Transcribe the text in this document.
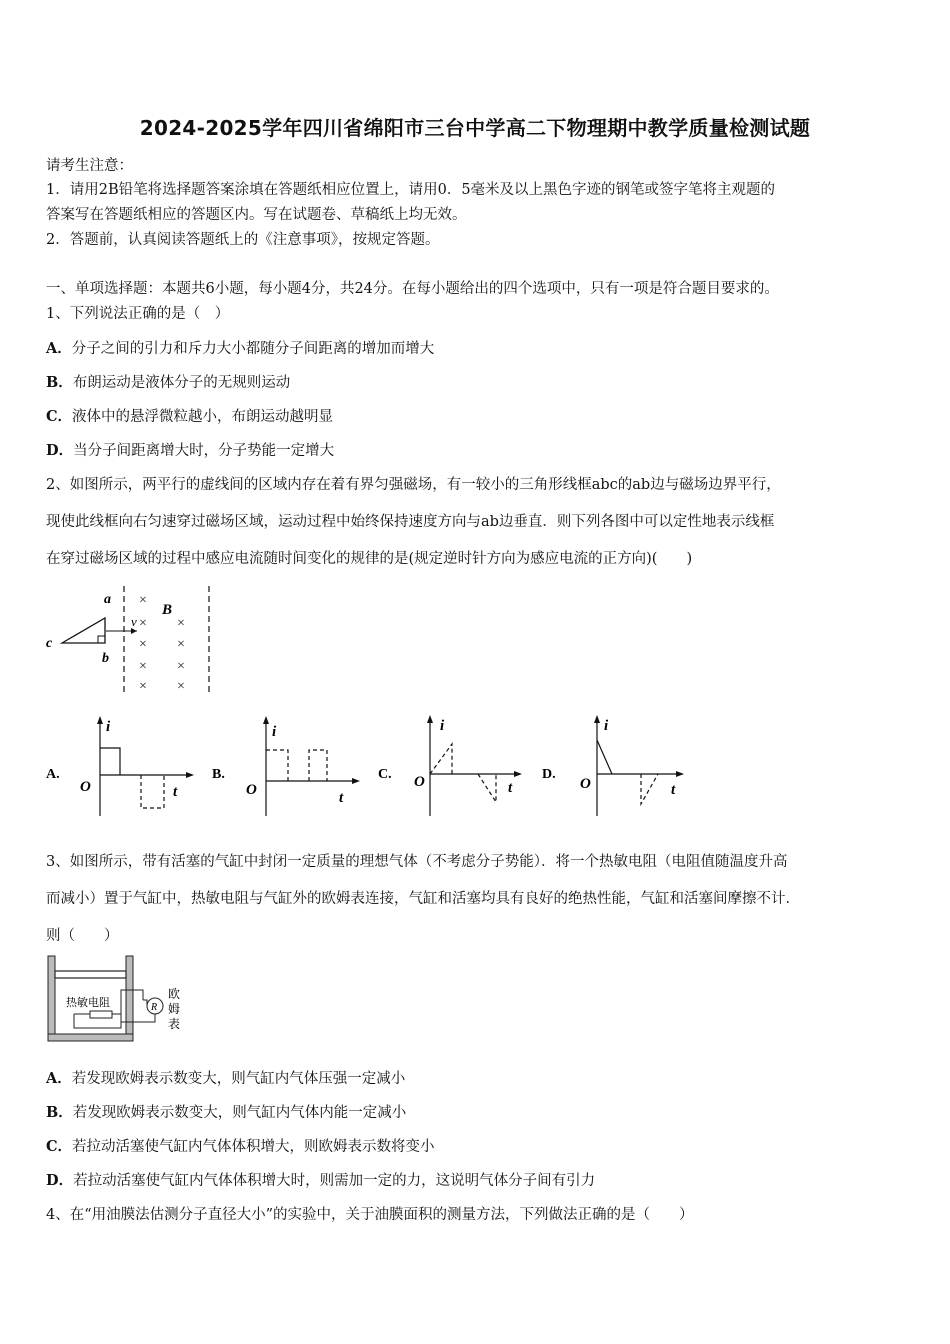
2024-2025学年四川省绵阳市三台中学高二下物理期中教学质量检测试题
请考生注意：
1．请用2B铅笔将选择题答案涂填在答题纸相应位置上，请用0．5毫米及以上黑色字迹的钢笔或签字笔将主观题的
答案写在答题纸相应的答题区内。写在试题卷、草稿纸上均无效。
2．答题前，认真阅读答题纸上的《注意事项》，按规定答题。
一、单项选择题：本题共6小题，每小题4分，共24分。在每小题给出的四个选项中，只有一项是符合题目要求的。
1、下列说法正确的是（　）
A．分子之间的引力和斥力大小都随分子间距离的增加而增大
B．布朗运动是液体分子的无规则运动
C．液体中的悬浮微粒越小，布朗运动越明显
D．当分子间距离增大时，分子势能一定增大
2、如图所示，两平行的虚线间的区域内存在着有界匀强磁场，有一较小的三角形线框abc的ab边与磁场边界平行，
现使此线框向右匀速穿过磁场区域，运动过程中始终保持速度方向与ab边垂直．则下列各图中可以定性地表示线框
在穿过磁场区域的过程中感应电流随时间变化的规律的是(规定逆时针方向为感应电流的正方向)(　　)
a
b
c
v
B
×
×
×
×
×
×
×
×
×
A.
i
O	t
B.
i
O	t
C.
i
O	t
D.
i
O	t
3、如图所示，带有活塞的气缸中封闭一定质量的理想气体（不考虑分子势能）．将一个热敏电阻（电阻值随温度升高
而减小）置于气缸中，热敏电阻与气缸外的欧姆表连接，气缸和活塞均具有良好的绝热性能，气缸和活塞间摩擦不计．
则（　　）
R
热敏电阻
欧
姆
表
A．若发现欧姆表示数变大，则气缸内气体压强一定减小
B．若发现欧姆表示数变大，则气缸内气体内能一定减小
C．若拉动活塞使气缸内气体体积增大，则欧姆表示数将变小
D．若拉动活塞使气缸内气体体积增大时，则需加一定的力，这说明气体分子间有引力
4、在“用油膜法估测分子直径大小”的实验中，关于油膜面积的测量方法，下列做法正确的是（　　）
